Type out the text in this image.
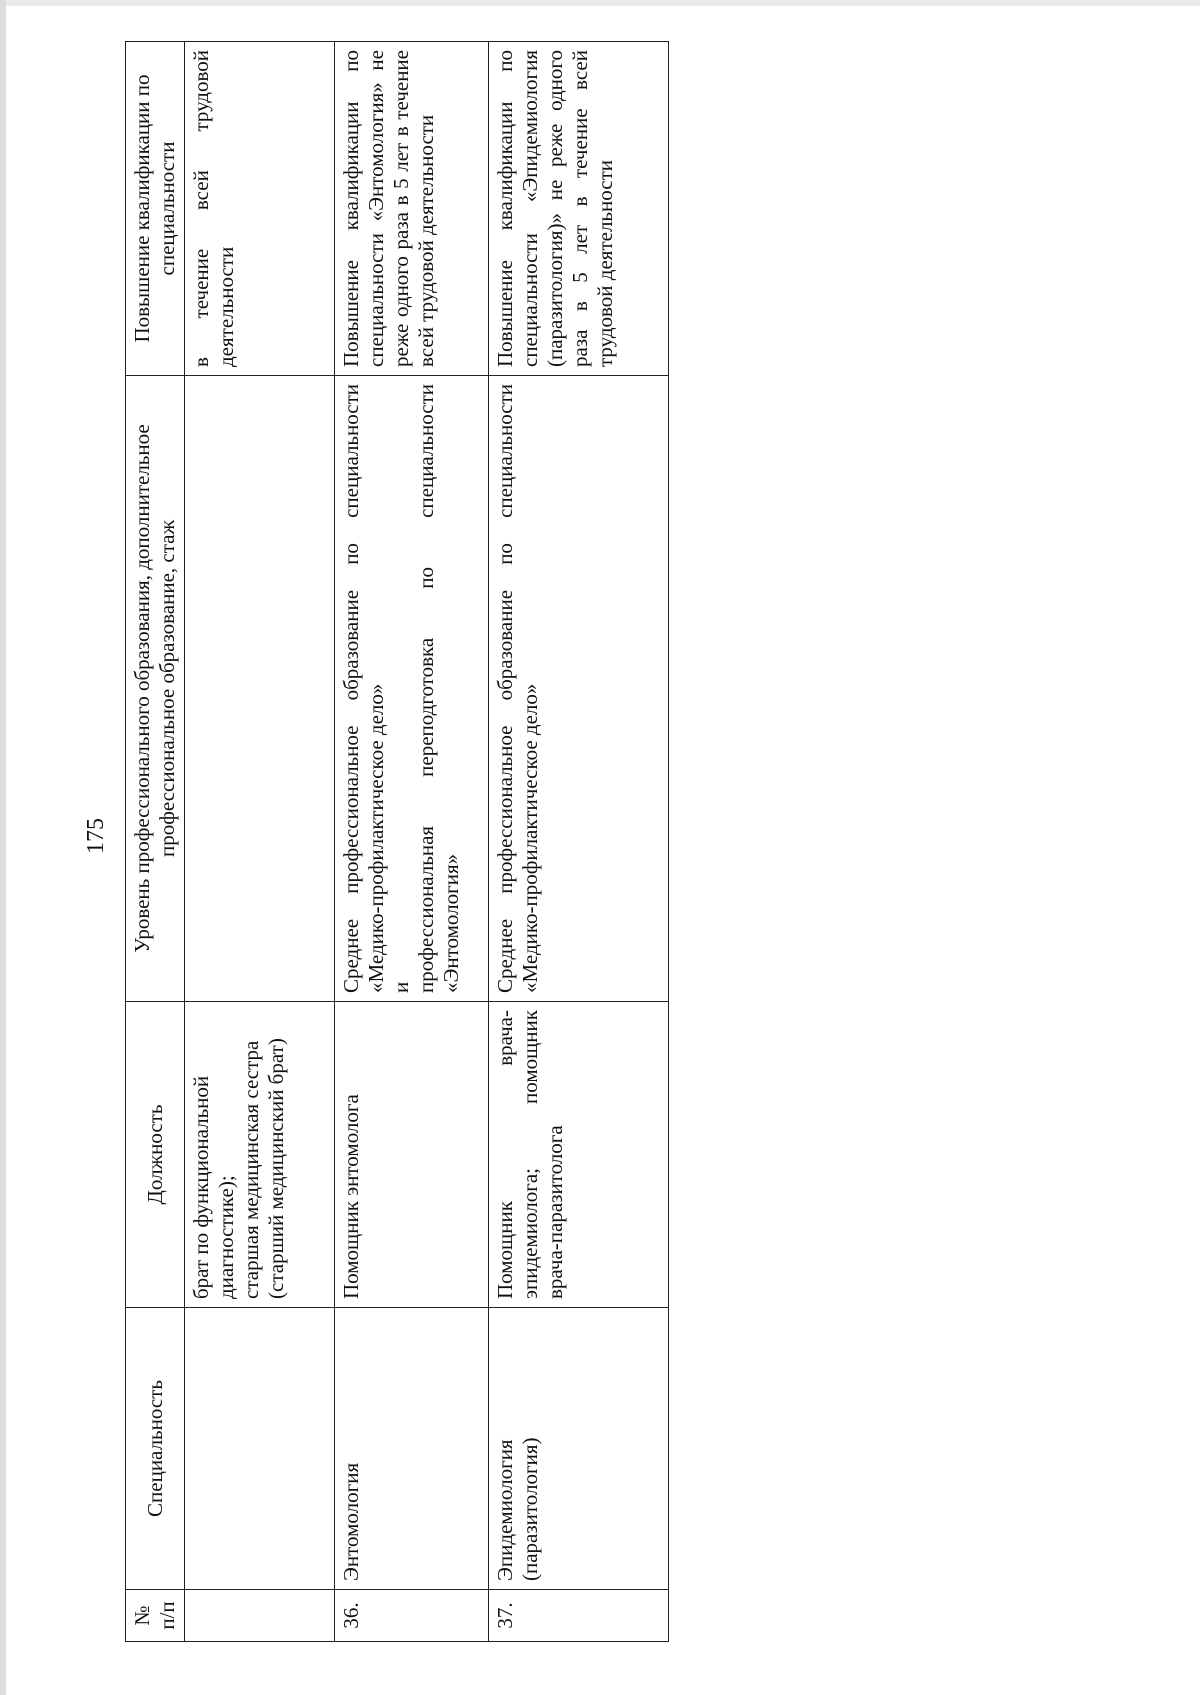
175
№ п/п	Специальность	Должность	Уровень профессионального образования, дополнительное профессиональное образование, стаж	Повышение квалификации по специальности

		брат по функциональной диагностике); старшая медицинская сестра (старший медицинский брат)		в течение всей трудовой деятельности
36.	Энтомология	Помощник энтомолога	Среднее профессиональное образование по специальности «Медико-профилактическое дело» и профессиональная переподготовка по специальности «Энтомология»	Повышение квалификации по специальности «Энтомология» не реже одного раза в 5 лет в течение всей трудовой деятельности
37.	Эпидемиология (паразитология)	Помощник врача-эпидемиолога; помощник врача-паразитолога	Среднее профессиональное образование по специальности «Медико-профилактическое дело»	Повышение квалификации по специальности «Эпидемиология (паразитология)» не реже одного раза в 5 лет в течение всей трудовой деятельности
